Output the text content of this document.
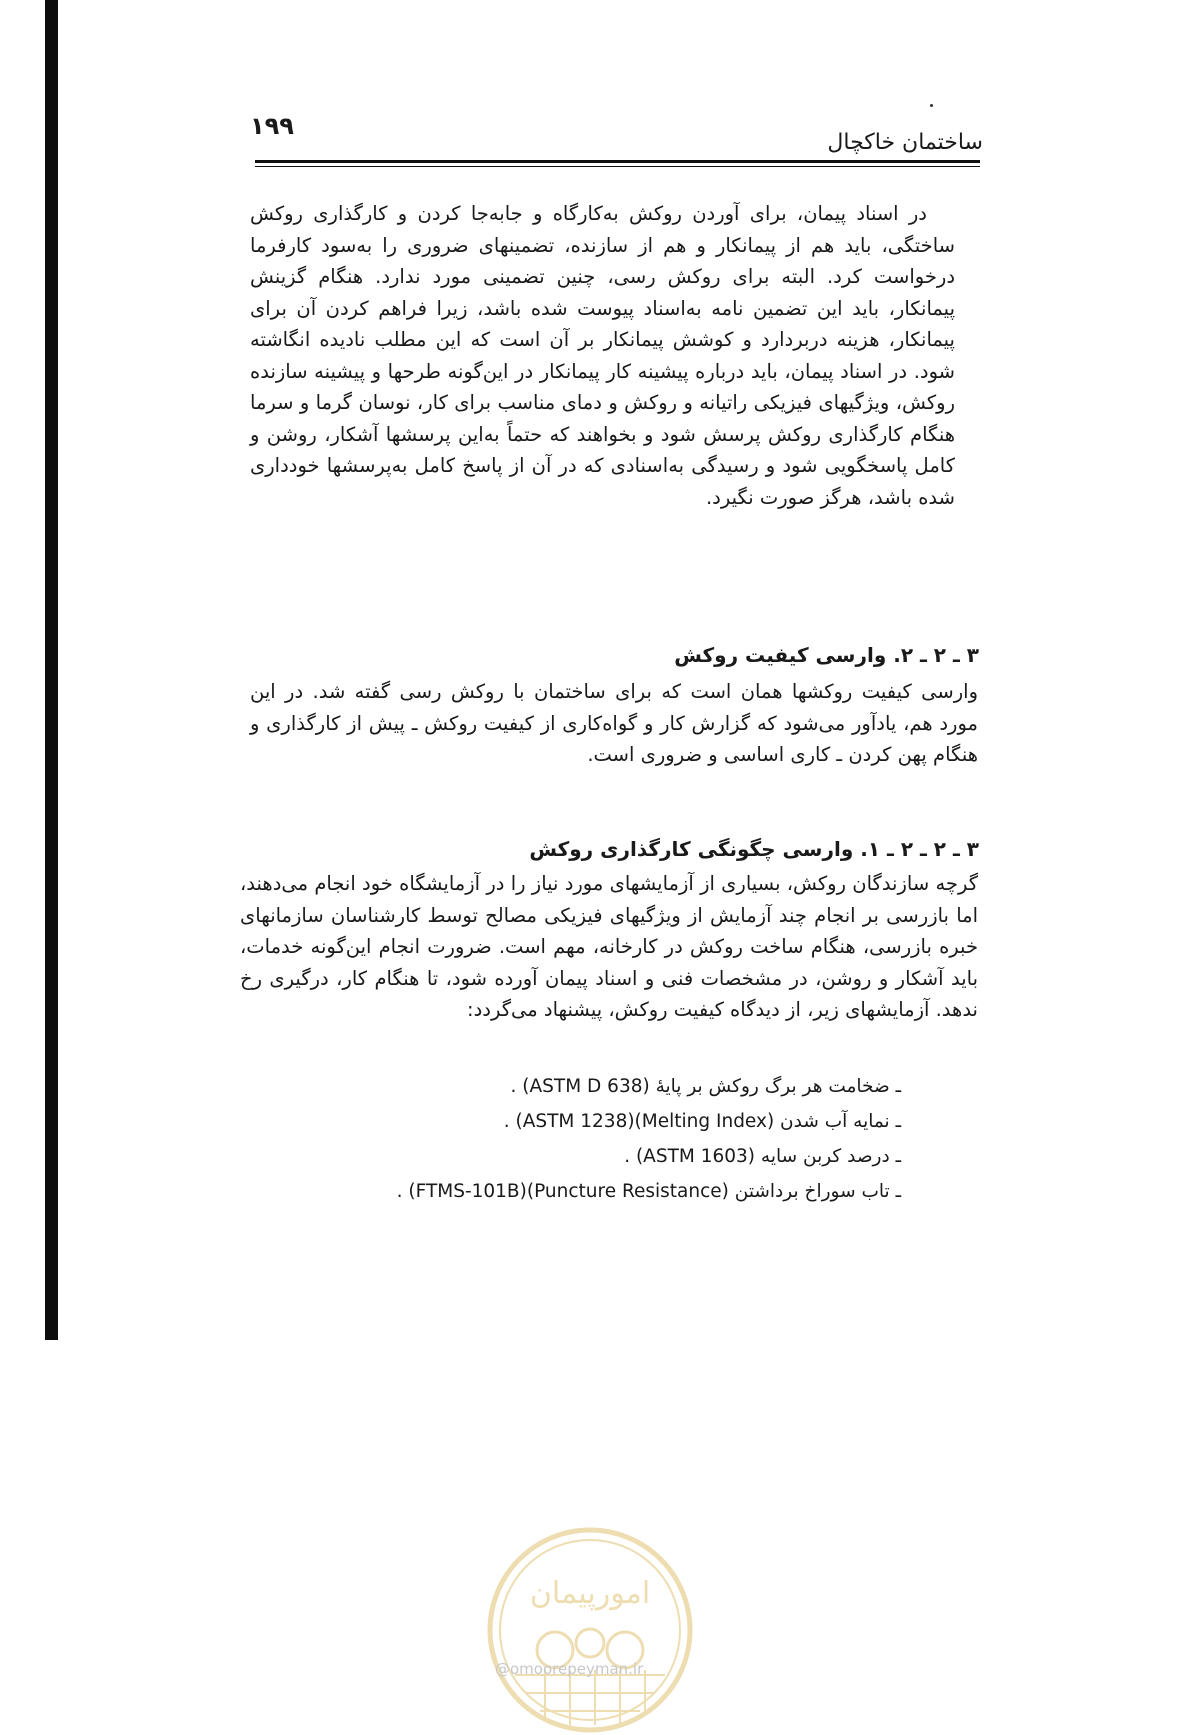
۱۹۹
ساختمان خاکچال

در اسناد پیمان، برای آوردن روکش به‌کارگاه و جابه‌جا کردن و کارگذاری روکش ساختگی، باید هم از پیمانکار و هم از سازنده، تضمینهای ضروری را به‌سود کارفرما درخواست کرد. البته برای روکش رسی، چنین تضمینی مورد ندارد. هنگام گزینش پیمانکار، باید این تضمین نامه به‌اسناد پیوست شده باشد، زیرا فراهم کردن آن برای پیمانکار، هزینه دربردارد و کوشش پیمانکار بر آن است که این مطلب نادیده انگاشته شود. در اسناد پیمان، باید درباره پیشینه کار پیمانکار در این‌گونه طرحها و پیشینه سازنده روکش، ویژگیهای فیزیکی راتیانه و روکش و دمای مناسب برای کار، نوسان گرما و سرما هنگام کارگذاری روکش پرسش شود و بخواهند که حتماً به‌این پرسشها آشکار، روشن و کامل پاسخگویی شود و رسیدگی به‌اسنادی که در آن از پاسخ کامل به‌پرسشها خودداری شده باشد، هرگز صورت نگیرد.

۳ ـ ۲ ـ ۲. وارسی کیفیت روکش

وارسی کیفیت روکشها همان است که برای ساختمان با روکش رسی گفته شد. در این مورد هم، یادآور می‌شود که گزارش کار و گواه‌کاری از کیفیت روکش ـ پیش از کارگذاری و هنگام پهن کردن ـ کاری اساسی و ضروری است.

۳ ـ ۲ ـ ۲ ـ ۱. وارسی چگونگی کارگذاری روکش

گرچه سازندگان روکش، بسیاری از آزمایشهای مورد نیاز را در آزمایشگاه خود انجام می‌دهند، اما بازرسی بر انجام چند آزمایش از ویژگیهای فیزیکی مصالح توسط کارشناسان سازمانهای خبره بازرسی، هنگام ساخت روکش در کارخانه، مهم است. ضرورت انجام این‌گونه خدمات، باید آشکار و روشن، در مشخصات فنی و اسناد پیمان آورده شود، تا هنگام کار، درگیری رخ ندهد. آزمایشهای زیر، از دیدگاه کیفیت روکش، پیشنهاد می‌گردد:

ـ ضخامت هر برگ روکش بر پایهٔ (ASTM D 638) .
ـ نمایه آب شدن (Melting Index)(ASTM 1238) .
ـ درصد کربن سایه (ASTM 1603) .
ـ تاب سوراخ برداشتن (Puncture Resistance)(FTMS-101B) .
امورپیمان
@omoorepeyman.ir
